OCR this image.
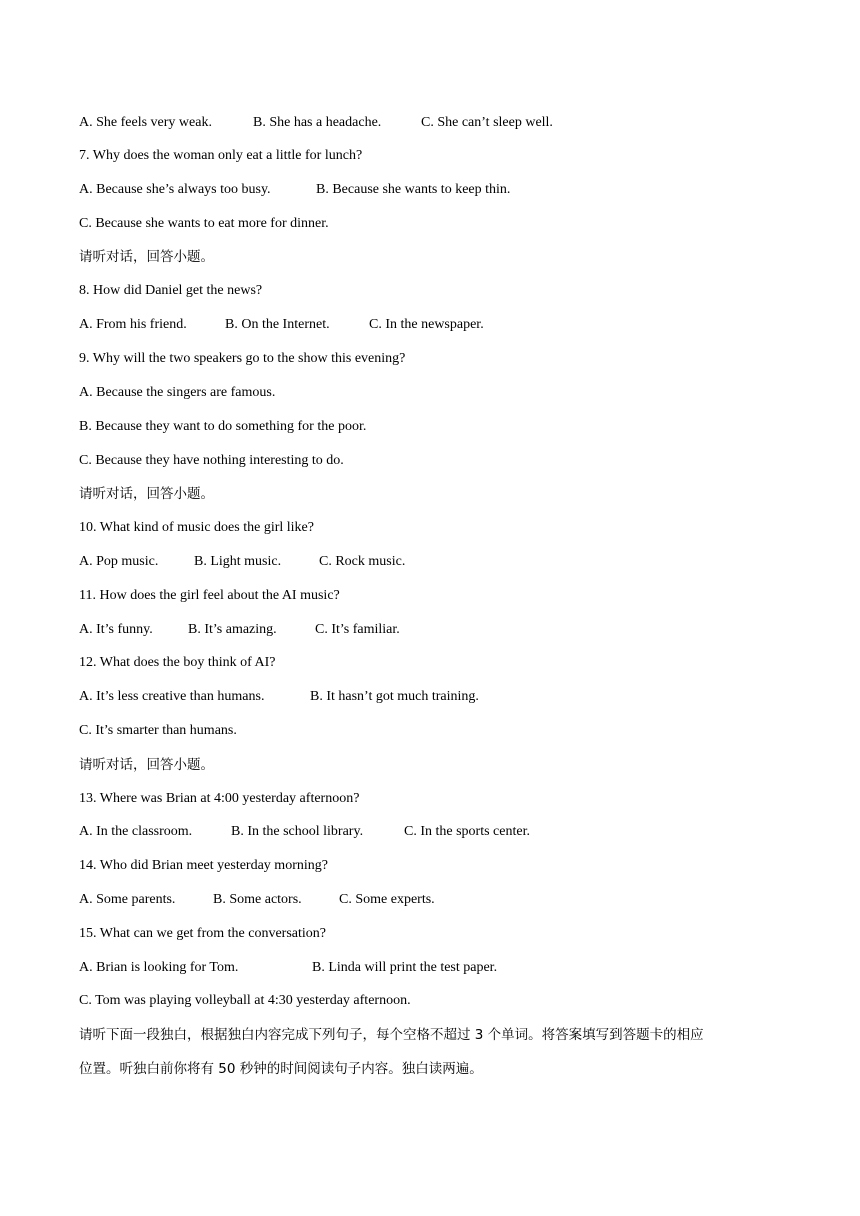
A. She feels very weak.	B. She has a headache.	C. She can’t sleep well.
7. Why does the woman only eat a little for lunch?
A. Because she’s always too busy.	B. Because she wants to keep thin.
C. Because she wants to eat more for dinner.
请听对话，回答小题。
8. How did Daniel get the news?
A. From his friend.	B. On the Internet.	C. In the newspaper.
9. Why will the two speakers go to the show this evening?
A. Because the singers are famous.
B. Because they want to do something for the poor.
C. Because they have nothing interesting to do.
请听对话，回答小题。
10. What kind of music does the girl like?
A. Pop music.	B. Light music.	C. Rock music.
11. How does the girl feel about the AI music?
A. It’s funny.	B. It’s amazing.	C. It’s familiar.
12. What does the boy think of AI?
A. It’s less creative than humans.	B. It hasn’t got much training.
C. It’s smarter than humans.
请听对话，回答小题。
13. Where was Brian at 4:00 yesterday afternoon?
A. In the classroom.	B. In the school library.	C. In the sports center.
14. Who did Brian meet yesterday morning?
A. Some parents.	B. Some actors.	C. Some experts.
15. What can we get from the conversation?
A. Brian is looking for Tom.	B. Linda will print the test paper.
C. Tom was playing volleyball at 4:30 yesterday afternoon.
请听下面一段独白，根据独白内容完成下列句子，每个空格不超过 3 个单词。将答案填写到答题卡的相应
位置。听独白前你将有 50 秒钟的时间阅读句子内容。独白读两遍。
